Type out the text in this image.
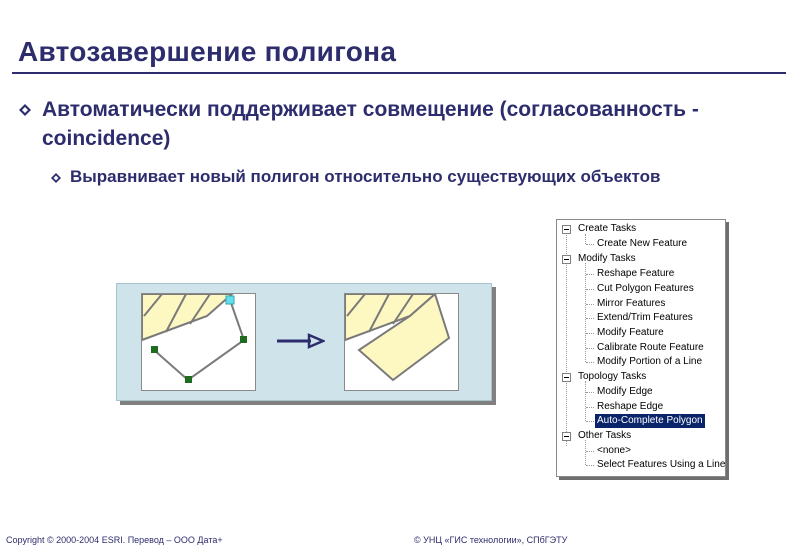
Автозавершение полигона
Автоматически поддерживает совмещение (согласованность - coincidence)
Выравнивает новый полигон относительно существующих объектов
Create Tasks
Create New Feature
Modify Tasks
Reshape Feature
Cut Polygon Features
Mirror Features
Extend/Trim Features
Modify Feature
Calibrate Route Feature
Modify Portion of a Line
Topology Tasks
Modify Edge
Reshape Edge
Auto-Complete Polygon
Other Tasks
<none>
Select Features Using a Line
Copyright © 2000-2004 ESRI. Перевод – ООО Дата+	© УНЦ «ГИС технологии», СПбГЭТУ
